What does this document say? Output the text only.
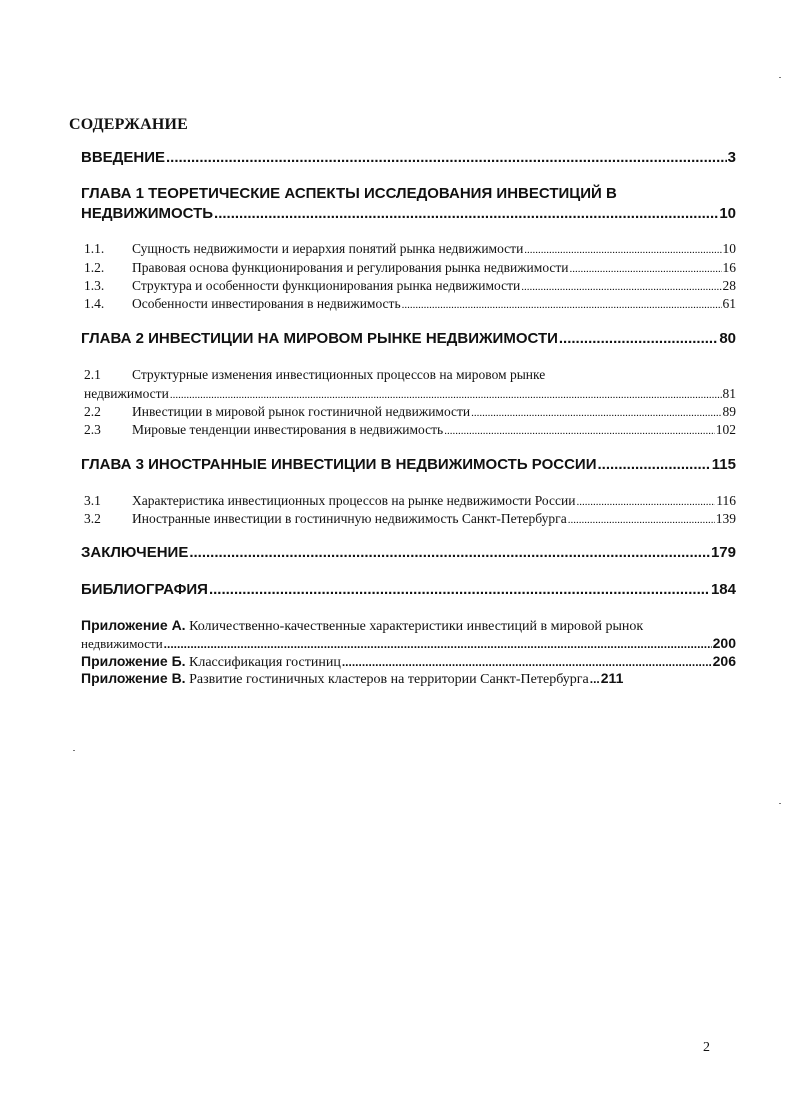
СОДЕРЖАНИЕ
ВВЕДЕНИЕ .....	3
ГЛАВА 1 ТЕОРЕТИЧЕСКИЕ АСПЕКТЫ ИССЛЕДОВАНИЯ ИНВЕСТИЦИЙ В
НЕДВИЖИМОСТЬ .....	10
1.1. Сущность недвижимости и иерархия понятий рынка недвижимости .....	10
1.2. Правовая основа функционирования и регулирования рынка недвижимости .....	16
1.3. Структура и особенности функционирования рынка недвижимости .....	28
1.4. Особенности инвестирования в недвижимость .....	61
ГЛАВА 2 ИНВЕСТИЦИИ НА МИРОВОМ РЫНКЕ НЕДВИЖИМОСТИ .....	80
2.1 Структурные изменения инвестиционных процессов на мировом рынке
недвижимости .....	81
2.2 Инвестиции в мировой рынок гостиничной недвижимости .....	89
2.3 Мировые тенденции инвестирования в недвижимость .....	102
ГЛАВА 3 ИНОСТРАННЫЕ ИНВЕСТИЦИИ В НЕДВИЖИМОСТЬ РОССИИ .....	115
3.1 Характеристика инвестиционных процессов на рынке недвижимости России .....	116
3.2 Иностранные инвестиции в гостиничную недвижимость Санкт-Петербурга .....	139
ЗАКЛЮЧЕНИЕ .....	179
БИБЛИОГРАФИЯ .....	184
Приложение А. Количественно-качественные характеристики инвестиций в мировой рынок
недвижимости .....	200
Приложение Б. Классификация гостиниц .....	206
Приложение В. Развитие гостиничных кластеров на территории Санкт-Петербурга ..... 211
2
